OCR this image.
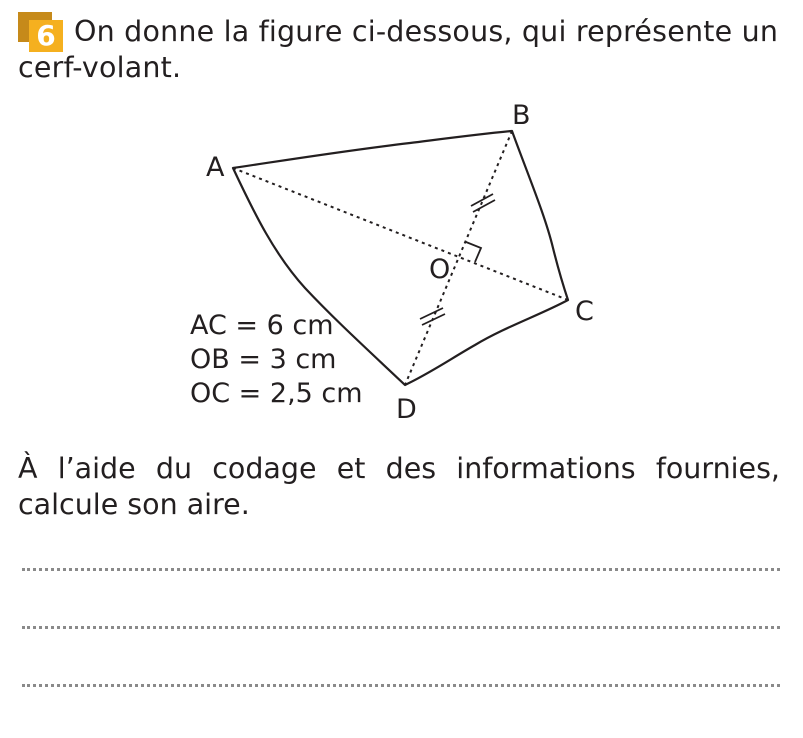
6 On donne la figure ci-dessous, qui représente un cerf-volant.

A
B
C
D
O
AC = 6 cm
OB = 3 cm
OC = 2,5 cm

À l’aide du codage et des informations fournies, calcule son aire.
